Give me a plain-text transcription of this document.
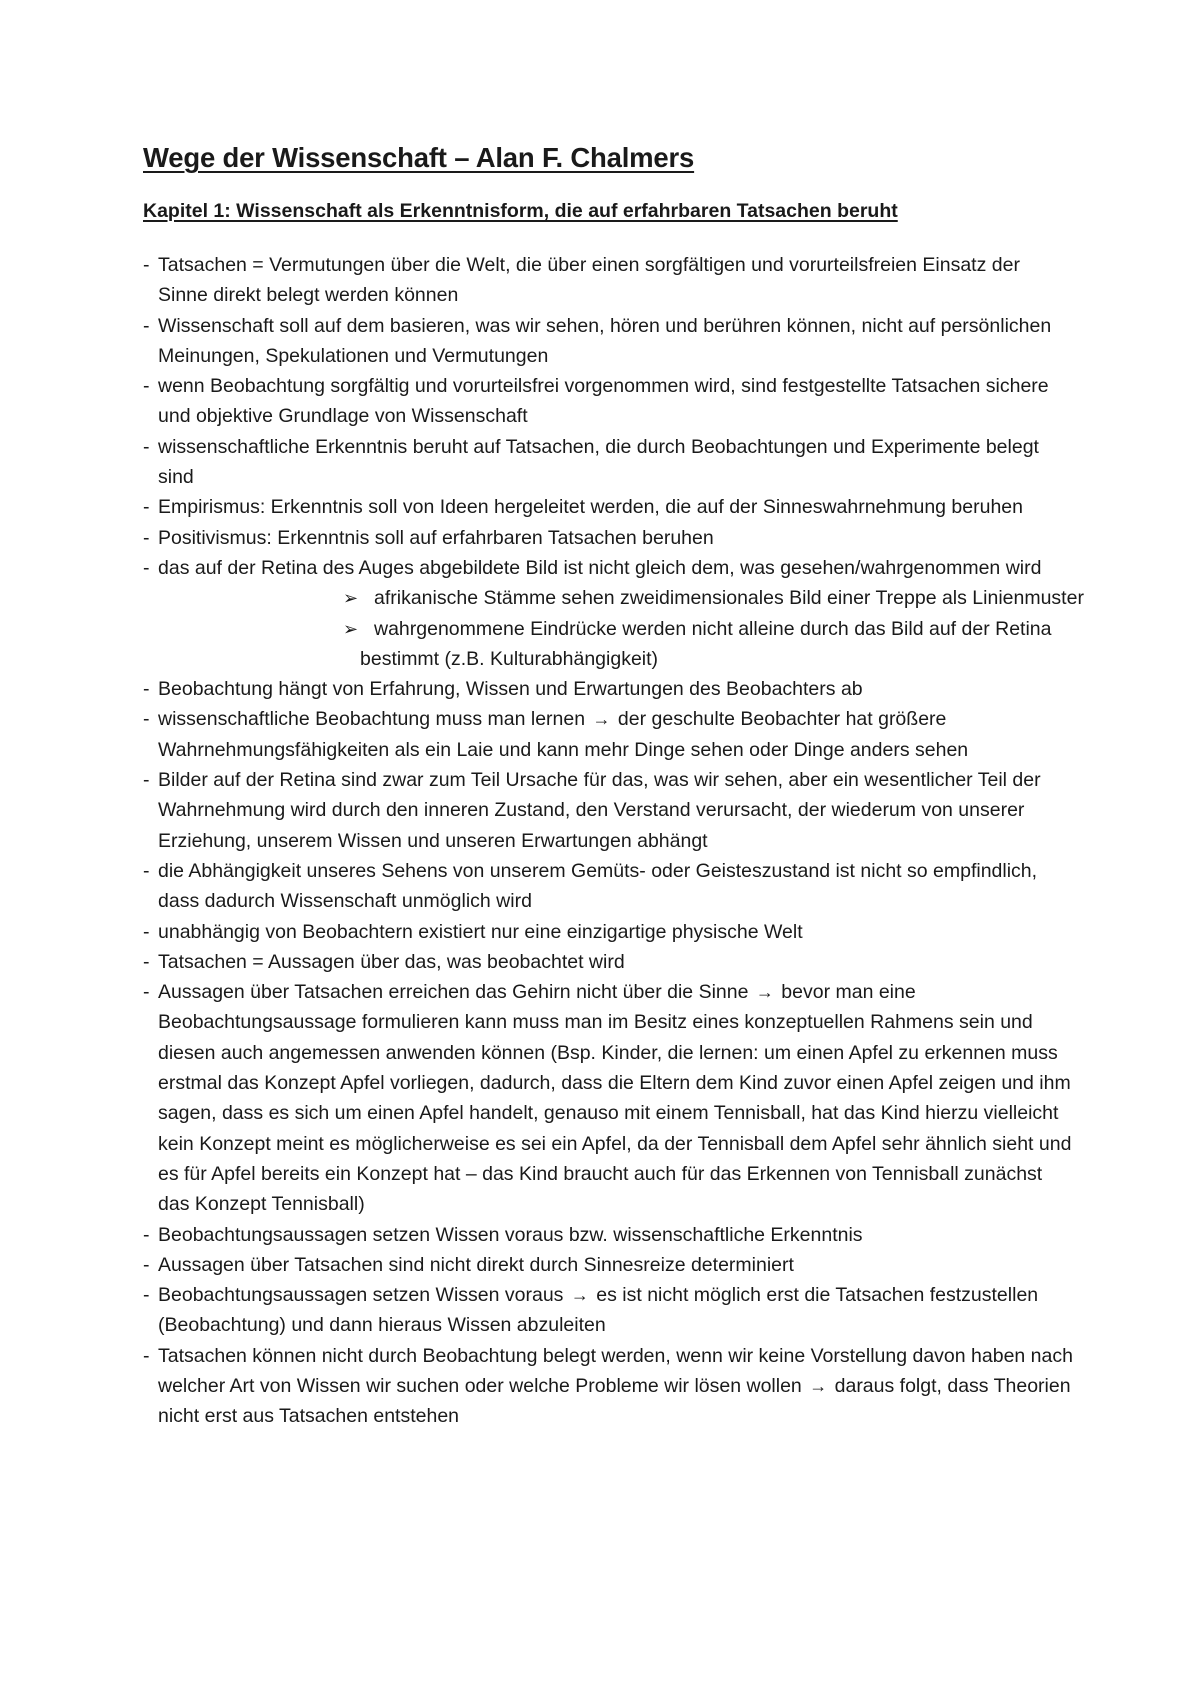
Wege der Wissenschaft – Alan F. Chalmers
Kapitel 1: Wissenschaft als Erkenntnisform, die auf erfahrbaren Tatsachen beruht
- Tatsachen = Vermutungen über die Welt, die über einen sorgfältigen und vorurteilsfreien Einsatz der Sinne direkt belegt werden können
- Wissenschaft soll auf dem basieren, was wir sehen, hören und berühren können, nicht auf persönlichen Meinungen, Spekulationen und Vermutungen
- wenn Beobachtung sorgfältig und vorurteilsfrei vorgenommen wird, sind festgestellte Tatsachen sichere und objektive Grundlage von Wissenschaft
- wissenschaftliche Erkenntnis beruht auf Tatsachen, die durch Beobachtungen und Experimente belegt sind
- Empirismus: Erkenntnis soll von Ideen hergeleitet werden, die auf der Sinneswahrnehmung beruhen
- Positivismus: Erkenntnis soll auf erfahrbaren Tatsachen beruhen
- das auf der Retina des Auges abgebildete Bild ist nicht gleich dem, was gesehen/wahrgenommen wird
➢ afrikanische Stämme sehen zweidimensionales Bild einer Treppe als Linienmuster
➢ wahrgenommene Eindrücke werden nicht alleine durch das Bild auf der Retina
bestimmt (z.B. Kulturabhängigkeit)
- Beobachtung hängt von Erfahrung, Wissen und Erwartungen des Beobachters ab
- wissenschaftliche Beobachtung muss man lernen → der geschulte Beobachter hat größere Wahrnehmungsfähigkeiten als ein Laie und kann mehr Dinge sehen oder Dinge anders sehen
- Bilder auf der Retina sind zwar zum Teil Ursache für das, was wir sehen, aber ein wesentlicher Teil der Wahrnehmung wird durch den inneren Zustand, den Verstand verursacht, der wiederum von unserer Erziehung, unserem Wissen und unseren Erwartungen abhängt
- die Abhängigkeit unseres Sehens von unserem Gemüts- oder Geisteszustand ist nicht so empfindlich, dass dadurch Wissenschaft unmöglich wird
- unabhängig von Beobachtern existiert nur eine einzigartige physische Welt
- Tatsachen = Aussagen über das, was beobachtet wird
- Aussagen über Tatsachen erreichen das Gehirn nicht über die Sinne → bevor man eine Beobachtungsaussage formulieren kann muss man im Besitz eines konzeptuellen Rahmens sein und diesen auch angemessen anwenden können (Bsp. Kinder, die lernen: um einen Apfel zu erkennen muss erstmal das Konzept Apfel vorliegen, dadurch, dass die Eltern dem Kind zuvor einen Apfel zeigen und ihm sagen, dass es sich um einen Apfel handelt, genauso mit einem Tennisball, hat das Kind hierzu vielleicht kein Konzept meint es möglicherweise es sei ein Apfel, da der Tennisball dem Apfel sehr ähnlich sieht und es für Apfel bereits ein Konzept hat – das Kind braucht auch für das Erkennen von Tennisball zunächst das Konzept Tennisball)
- Beobachtungsaussagen setzen Wissen voraus bzw. wissenschaftliche Erkenntnis
- Aussagen über Tatsachen sind nicht direkt durch Sinnesreize determiniert
- Beobachtungsaussagen setzen Wissen voraus → es ist nicht möglich erst die Tatsachen festzustellen (Beobachtung) und dann hieraus Wissen abzuleiten
- Tatsachen können nicht durch Beobachtung belegt werden, wenn wir keine Vorstellung davon haben nach welcher Art von Wissen wir suchen oder welche Probleme wir lösen wollen → daraus folgt, dass Theorien nicht erst aus Tatsachen entstehen
